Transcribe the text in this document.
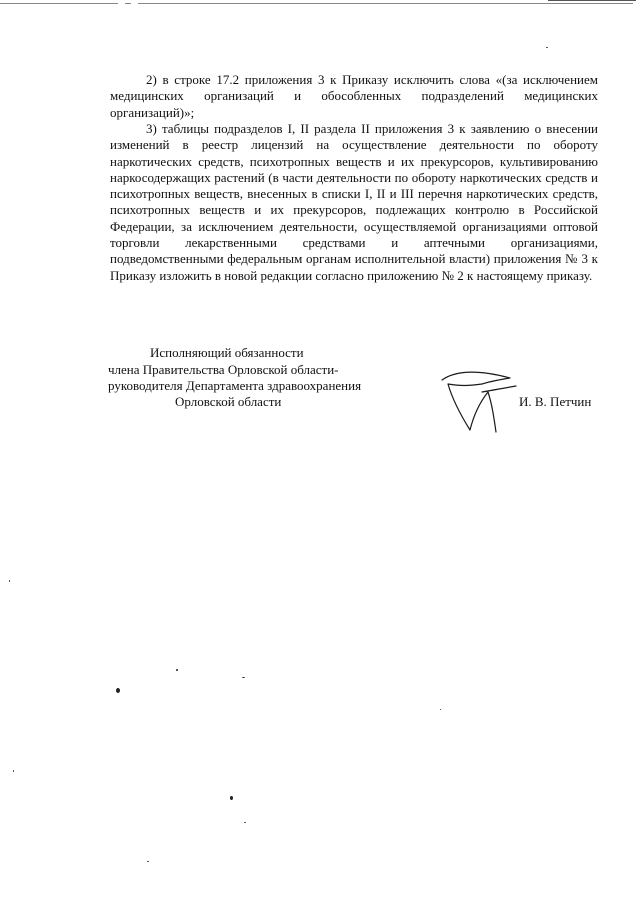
2) в строке 17.2 приложения 3 к Приказу исключить слова «(за исключением медицинских организаций и обособленных подразделений медицинских организаций)»;

3) таблицы подразделов I, II раздела II приложения 3 к заявлению о внесении изменений в реестр лицензий на осуществление деятельности по обороту наркотических средств, психотропных веществ и их прекурсоров, культивированию наркосодержащих растений (в части деятельности по обороту наркотических средств и психотропных веществ, внесенных в списки I, II и III перечня наркотических средств, психотропных веществ и их прекурсоров, подлежащих контролю в Российской Федерации, за исключением деятельности, осуществляемой организациями оптовой торговли лекарственными средствами и аптечными организациями, подведомственными федеральным органам исполнительной власти) приложения № 3 к Приказу изложить в новой редакции согласно приложению № 2 к настоящему приказу.

Исполняющий обязанности
члена Правительства Орловской области-
руководителя Департамента здравоохранения
Орловской области	И. В. Петчин
